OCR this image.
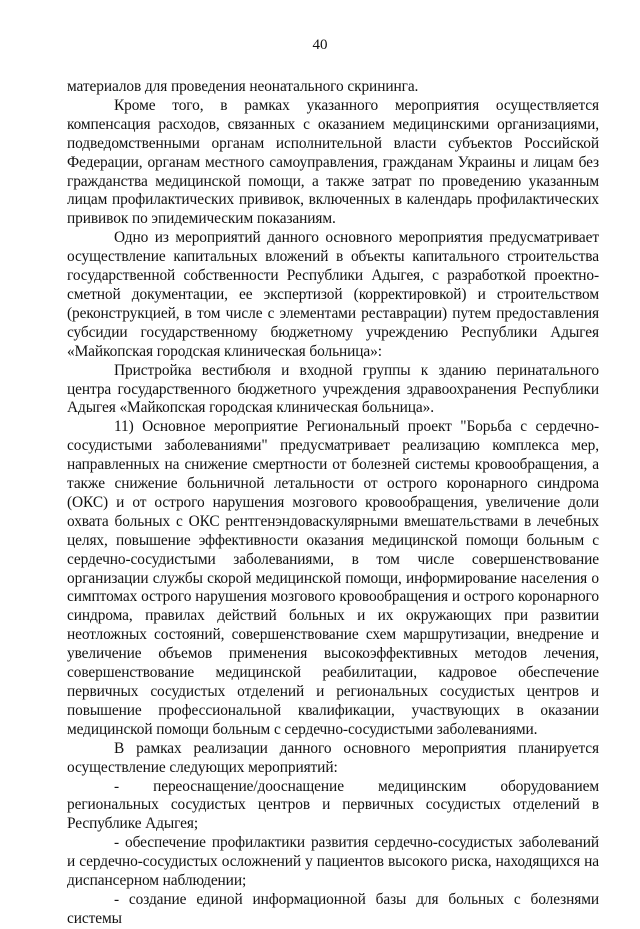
40

материалов для проведения неонатального скрининга.

Кроме того, в рамках указанного мероприятия осуществляется компенсация расходов, связанных с оказанием медицинскими организациями, подведомственными органам исполнительной власти субъектов Российской Федерации, органам местного самоуправления, гражданам Украины и лицам без гражданства медицинской помощи, а также затрат по проведению указанным лицам профилактических прививок, включенных в календарь профилактических прививок по эпидемическим показаниям.

Одно из мероприятий данного основного мероприятия предусматривает осуществление капитальных вложений в объекты капитального строительства государственной собственности Республики Адыгея, с разработкой проектно-сметной документации, ее экспертизой (корректировкой) и строительством (реконструкцией, в том числе с элементами реставрации) путем предоставления субсидии государственному бюджетному учреждению Республики Адыгея «Майкопская городская клиническая больница»:

Пристройка вестибюля и входной группы к зданию перинатального центра государственного бюджетного учреждения здравоохранения Республики Адыгея «Майкопская городская клиническая больница».

11) Основное мероприятие Региональный проект "Борьба с сердечно-сосудистыми заболеваниями" предусматривает реализацию комплекса мер, направленных на снижение смертности от болезней системы кровообращения, а также снижение больничной летальности от острого коронарного синдрома (ОКС) и от острого нарушения мозгового кровообращения, увеличение доли охвата больных с ОКС рентгенэндоваскулярными вмешательствами в лечебных целях, повышение эффективности оказания медицинской помощи больным с сердечно-сосудистыми заболеваниями, в том числе совершенствование организации службы скорой медицинской помощи, информирование населения о симптомах острого нарушения мозгового кровообращения и острого коронарного синдрома, правилах действий больных и их окружающих при развитии неотложных состояний, совершенствование схем маршрутизации, внедрение и увеличение объемов применения высокоэффективных методов лечения, совершенствование медицинской реабилитации, кадровое обеспечение первичных сосудистых отделений и региональных сосудистых центров и повышение профессиональной квалификации, участвующих в оказании медицинской помощи больным с сердечно-сосудистыми заболеваниями.

В рамках реализации данного основного мероприятия планируется осуществление следующих мероприятий:

- переоснащение/дооснащение медицинским оборудованием региональных сосудистых центров и первичных сосудистых отделений в Республике Адыгея;

- обеспечение профилактики развития сердечно-сосудистых заболеваний и сердечно-сосудистых осложнений у пациентов высокого риска, находящихся на диспансерном наблюдении;

- создание единой информационной базы для больных с болезнями системы
